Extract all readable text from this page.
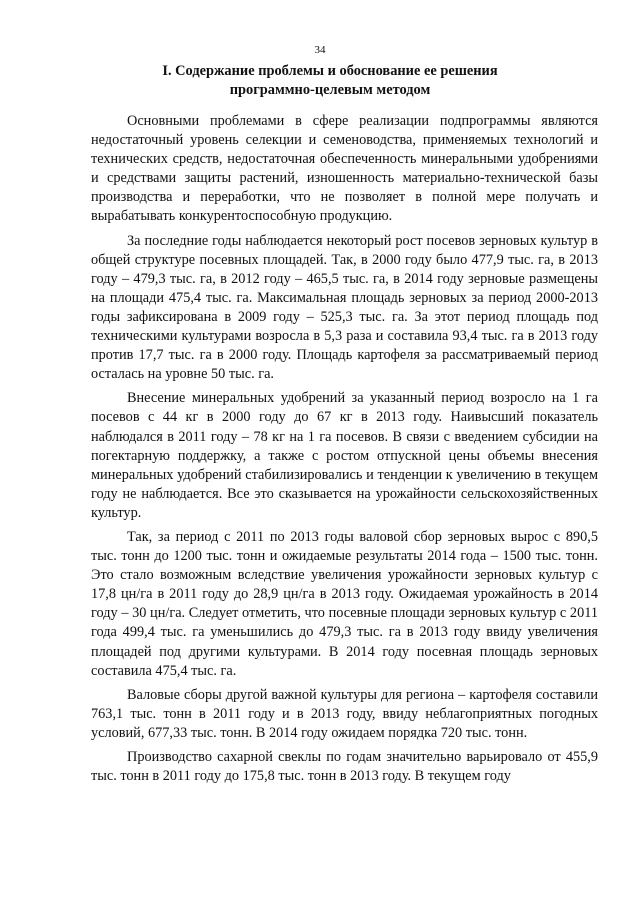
34
I. Содержание проблемы и обоснование ее решения
программно-целевым методом

Основными проблемами в сфере реализации подпрограммы являются недостаточный уровень селекции и семеноводства, применяемых технологий и технических средств, недостаточная обеспеченность минеральными удобрениями и средствами защиты растений, изношенность материально-технической базы производства и переработки, что не позволяет в полной мере получать и вырабатывать конкурентоспособную продукцию.

За последние годы наблюдается некоторый рост посевов зерновых культур в общей структуре посевных площадей. Так, в 2000 году было 477,9 тыс. га, в 2013 году – 479,3 тыс. га, в 2012 году – 465,5 тыс. га, в 2014 году зерновые размещены на площади 475,4 тыс. га. Максимальная площадь зерновых за период 2000-2013 годы зафиксирована в 2009 году – 525,3 тыс. га. За этот период площадь под техническими культурами возросла в 5,3 раза и составила 93,4 тыс. га в 2013 году против 17,7 тыс. га в 2000 году. Площадь картофеля за рассматриваемый период осталась на уровне 50 тыс. га.

Внесение минеральных удобрений за указанный период возросло на 1 га посевов с 44 кг в 2000 году до 67 кг в 2013 году. Наивысший показатель наблюдался в 2011 году – 78 кг на 1 га посевов. В связи с введением субсидии на погектарную поддержку, а также с ростом отпускной цены объемы внесения минеральных удобрений стабилизировались и тенденции к увеличению в текущем году не наблюдается. Все это сказывается на урожайности сельскохозяйственных культур.

Так, за период с 2011 по 2013 годы валовой сбор зерновых вырос с 890,5 тыс. тонн до 1200 тыс. тонн и ожидаемые результаты 2014 года – 1500 тыс. тонн. Это стало возможным вследствие увеличения урожайности зерновых культур с 17,8 цн/га в 2011 году до 28,9 цн/га в 2013 году. Ожидаемая урожайность в 2014 году – 30 цн/га. Следует отметить, что посевные площади зерновых культур с 2011 года 499,4 тыс. га уменьшились до 479,3 тыс. га в 2013 году ввиду увеличения площадей под другими культурами. В 2014 году посевная площадь зерновых составила 475,4 тыс. га.

Валовые сборы другой важной культуры для региона – картофеля составили 763,1 тыс. тонн в 2011 году и в 2013 году, ввиду неблагоприятных погодных условий, 677,33 тыс. тонн. В 2014 году ожидаем порядка 720 тыс. тонн.

Производство сахарной свеклы по годам значительно варьировало от 455,9 тыс. тонн в 2011 году до 175,8 тыс. тонн в 2013 году. В текущем году
